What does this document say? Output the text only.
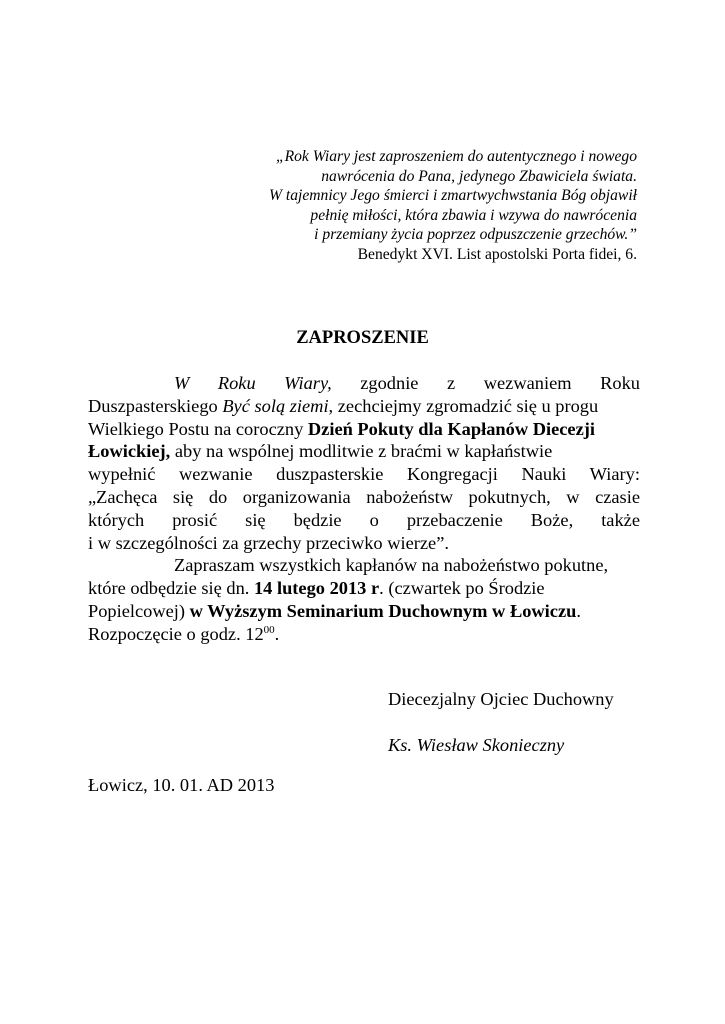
„Rok Wiary jest zaproszeniem do autentycznego i nowego
nawrócenia do Pana, jedynego Zbawiciela świata.
W tajemnicy Jego śmierci i zmartwychwstania Bóg objawił
pełnię miłości, która zbawia i wzywa do nawrócenia
i przemiany życia poprzez odpuszczenie grzechów.”
Benedykt XVI. List apostolski Porta fidei, 6.
ZAPROSZENIE
W Roku Wiary, zgodnie z wezwaniem Roku
Duszpasterskiego Być solą ziemi, zechciejmy zgromadzić się u progu
Wielkiego Postu na coroczny Dzień Pokuty dla Kapłanów Diecezji
Łowickiej, aby na wspólnej modlitwie z braćmi w kapłaństwie
wypełnić wezwanie duszpasterskie Kongregacji Nauki Wiary:
„Zachęca się do organizowania nabożeństw pokutnych, w czasie
których prosić się będzie o przebaczenie Boże, także
i w szczególności za grzechy przeciwko wierze”.
Zapraszam wszystkich kapłanów na nabożeństwo pokutne,
które odbędzie się dn. 14 lutego 2013 r. (czwartek po Środzie
Popielcowej) w Wyższym Seminarium Duchownym w Łowiczu.
Rozpoczęcie o godz. $12^{00}$.
Diecezjalny Ojciec Duchowny
Ks. Wiesław Skonieczny
Łowicz, 10. 01. AD 2013
